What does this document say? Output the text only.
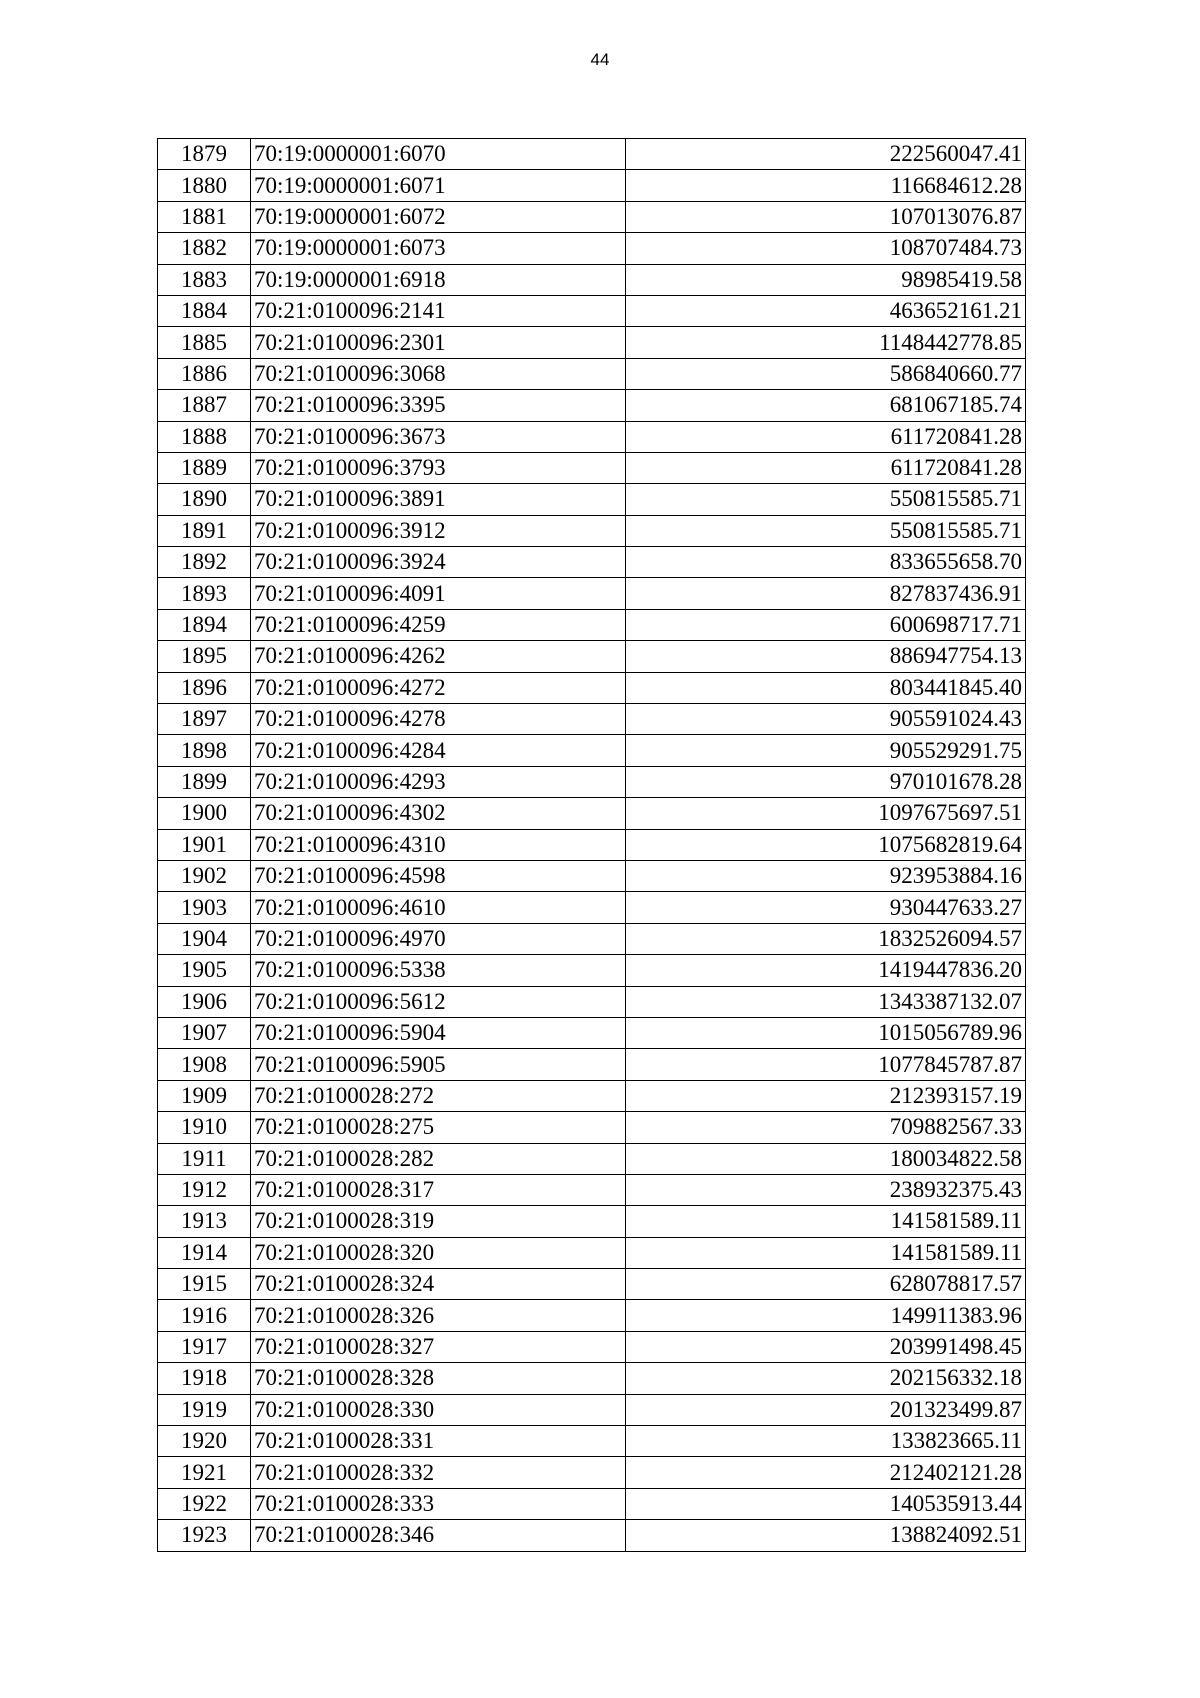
44
1879	70:19:0000001:6070	222560047.41
1880	70:19:0000001:6071	116684612.28
1881	70:19:0000001:6072	107013076.87
1882	70:19:0000001:6073	108707484.73
1883	70:19:0000001:6918	98985419.58
1884	70:21:0100096:2141	463652161.21
1885	70:21:0100096:2301	1148442778.85
1886	70:21:0100096:3068	586840660.77
1887	70:21:0100096:3395	681067185.74
1888	70:21:0100096:3673	611720841.28
1889	70:21:0100096:3793	611720841.28
1890	70:21:0100096:3891	550815585.71
1891	70:21:0100096:3912	550815585.71
1892	70:21:0100096:3924	833655658.70
1893	70:21:0100096:4091	827837436.91
1894	70:21:0100096:4259	600698717.71
1895	70:21:0100096:4262	886947754.13
1896	70:21:0100096:4272	803441845.40
1897	70:21:0100096:4278	905591024.43
1898	70:21:0100096:4284	905529291.75
1899	70:21:0100096:4293	970101678.28
1900	70:21:0100096:4302	1097675697.51
1901	70:21:0100096:4310	1075682819.64
1902	70:21:0100096:4598	923953884.16
1903	70:21:0100096:4610	930447633.27
1904	70:21:0100096:4970	1832526094.57
1905	70:21:0100096:5338	1419447836.20
1906	70:21:0100096:5612	1343387132.07
1907	70:21:0100096:5904	1015056789.96
1908	70:21:0100096:5905	1077845787.87
1909	70:21:0100028:272	212393157.19
1910	70:21:0100028:275	709882567.33
1911	70:21:0100028:282	180034822.58
1912	70:21:0100028:317	238932375.43
1913	70:21:0100028:319	141581589.11
1914	70:21:0100028:320	141581589.11
1915	70:21:0100028:324	628078817.57
1916	70:21:0100028:326	149911383.96
1917	70:21:0100028:327	203991498.45
1918	70:21:0100028:328	202156332.18
1919	70:21:0100028:330	201323499.87
1920	70:21:0100028:331	133823665.11
1921	70:21:0100028:332	212402121.28
1922	70:21:0100028:333	140535913.44
1923	70:21:0100028:346	138824092.51
